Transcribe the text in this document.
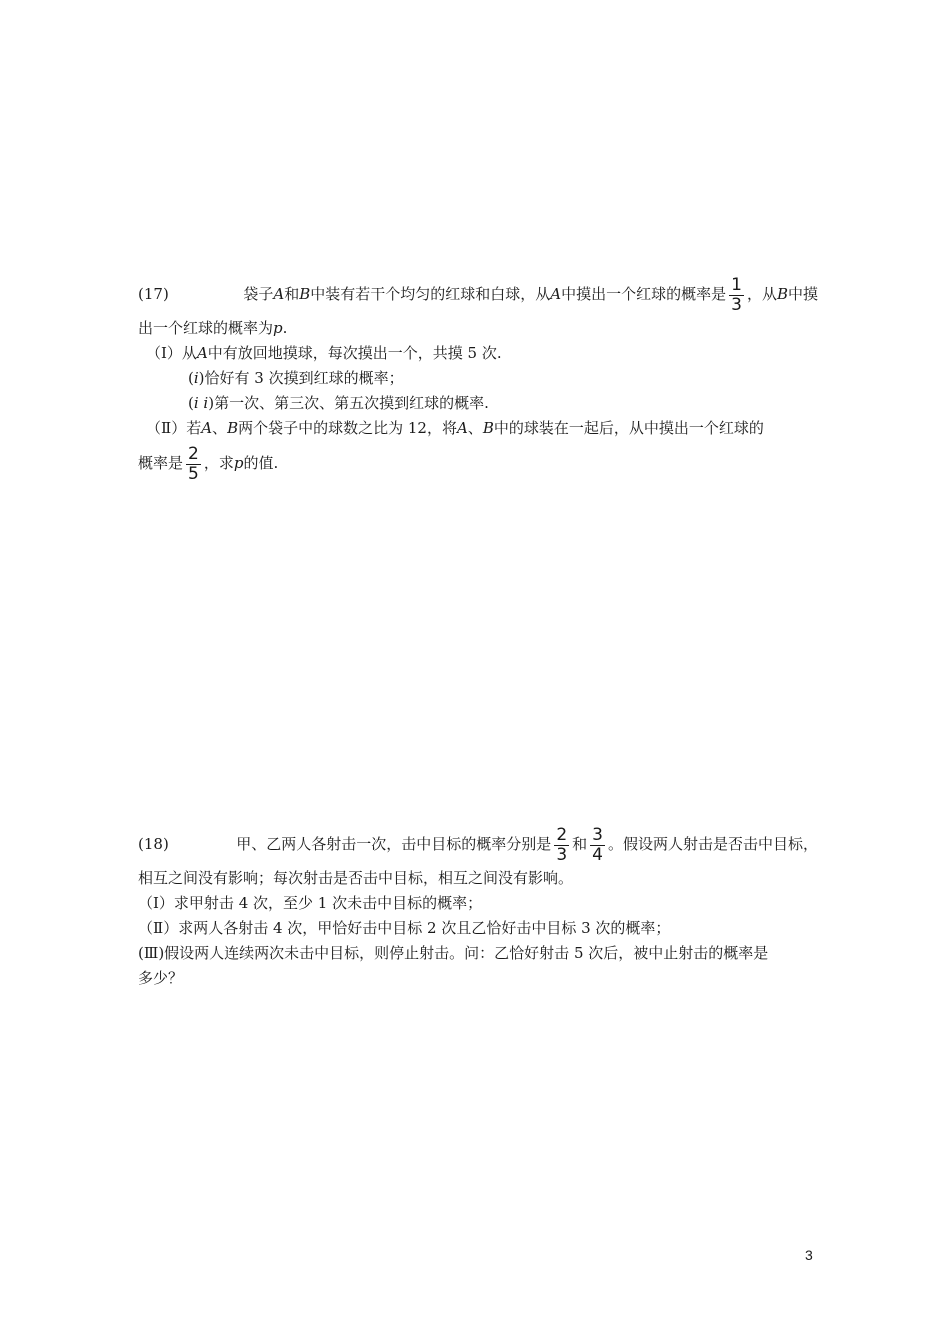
(17)	袋子A和B中装有若干个均匀的红球和白球，从A中摸出一个红球的概率是 $\frac{1}{3}$ ，从B中摸
出一个红球的概率为p.
（Ⅰ）从A中有放回地摸球，每次摸出一个，共摸 5 次.
(i)恰好有 3 次摸到红球的概率；
(i i)第一次、第三次、第五次摸到红球的概率.
（Ⅱ）若A、B两个袋子中的球数之比为 12，将A、B中的球装在一起后，从中摸出一个红球的
概率是 $\frac{2}{5}$ ，求p的值.
(18)	甲、乙两人各射击一次，击中目标的概率分别是 $\frac{2}{3}$ 和 $\frac{3}{4}$ 。假设两人射击是否击中目标，
相互之间没有影响；每次射击是否击中目标，相互之间没有影响。
（Ⅰ）求甲射击 4 次，至少 1 次未击中目标的概率；
（Ⅱ）求两人各射击 4 次，甲恰好击中目标 2 次且乙恰好击中目标 3 次的概率；
(Ⅲ)假设两人连续两次未击中目标，则停止射击。问：乙恰好射击 5 次后，被中止射击的概率是
多少？
3
